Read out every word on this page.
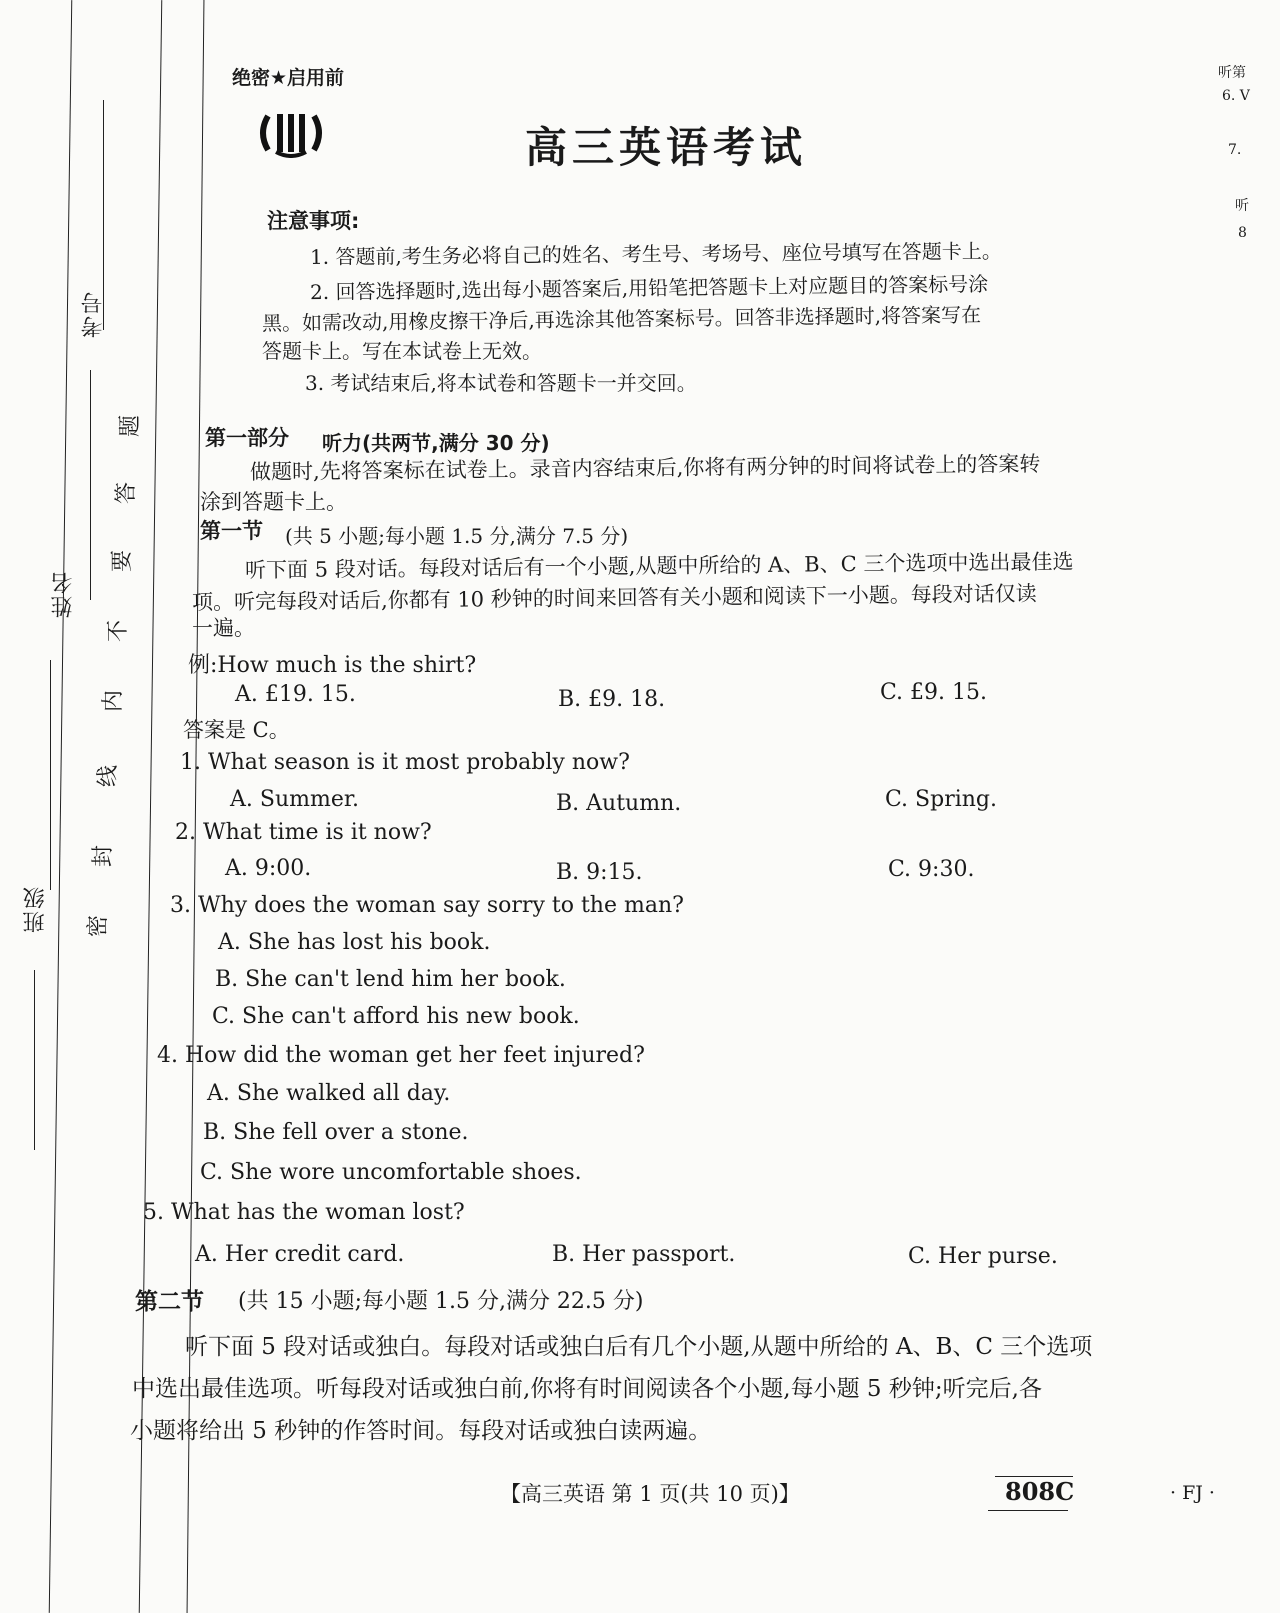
考号
姓名
班级
题
答
要
不
内
线
封
密
绝密★启用前
高三英语考试
注意事项:
1. 答题前,考生务必将自己的姓名、考生号、考场号、座位号填写在答题卡上。
2. 回答选择题时,选出每小题答案后,用铅笔把答题卡上对应题目的答案标号涂
黑。如需改动,用橡皮擦干净后,再选涂其他答案标号。回答非选择题时,将答案写在
答题卡上。写在本试卷上无效。
3. 考试结束后,将本试卷和答题卡一并交回。
第一部分 听力(共两节,满分 30 分)
做题时,先将答案标在试卷上。录音内容结束后,你将有两分钟的时间将试卷上的答案转
涂到答题卡上。
第一节 (共 5 小题;每小题 1.5 分,满分 7.5 分)
听下面 5 段对话。每段对话后有一个小题,从题中所给的 A、B、C 三个选项中选出最佳选
项。听完每段对话后,你都有 10 秒钟的时间来回答有关小题和阅读下一小题。每段对话仅读
一遍。
例:How much is the shirt?
A. £19. 15.	B. £9. 18.	C. £9. 15.
答案是 C。
1. What season is it most probably now?
A. Summer.	B. Autumn.	C. Spring.
2. What time is it now?
A. 9:00.	B. 9:15.	C. 9:30.
3. Why does the woman say sorry to the man?
A. She has lost his book.
B. She can't lend him her book.
C. She can't afford his new book.
4. How did the woman get her feet injured?
A. She walked all day.
B. She fell over a stone.
C. She wore uncomfortable shoes.
5. What has the woman lost?
A. Her credit card.	B. Her passport.	C. Her purse.
第二节 (共 15 小题;每小题 1.5 分,满分 22.5 分)
听下面 5 段对话或独白。每段对话或独白后有几个小题,从题中所给的 A、B、C 三个选项
中选出最佳选项。听每段对话或独白前,你将有时间阅读各个小题,每小题 5 秒钟;听完后,各
小题将给出 5 秒钟的作答时间。每段对话或独白读两遍。
【高三英语 第 1 页(共 10 页)】	808C	· FJ ·
听第
6. V
7.
听
8
